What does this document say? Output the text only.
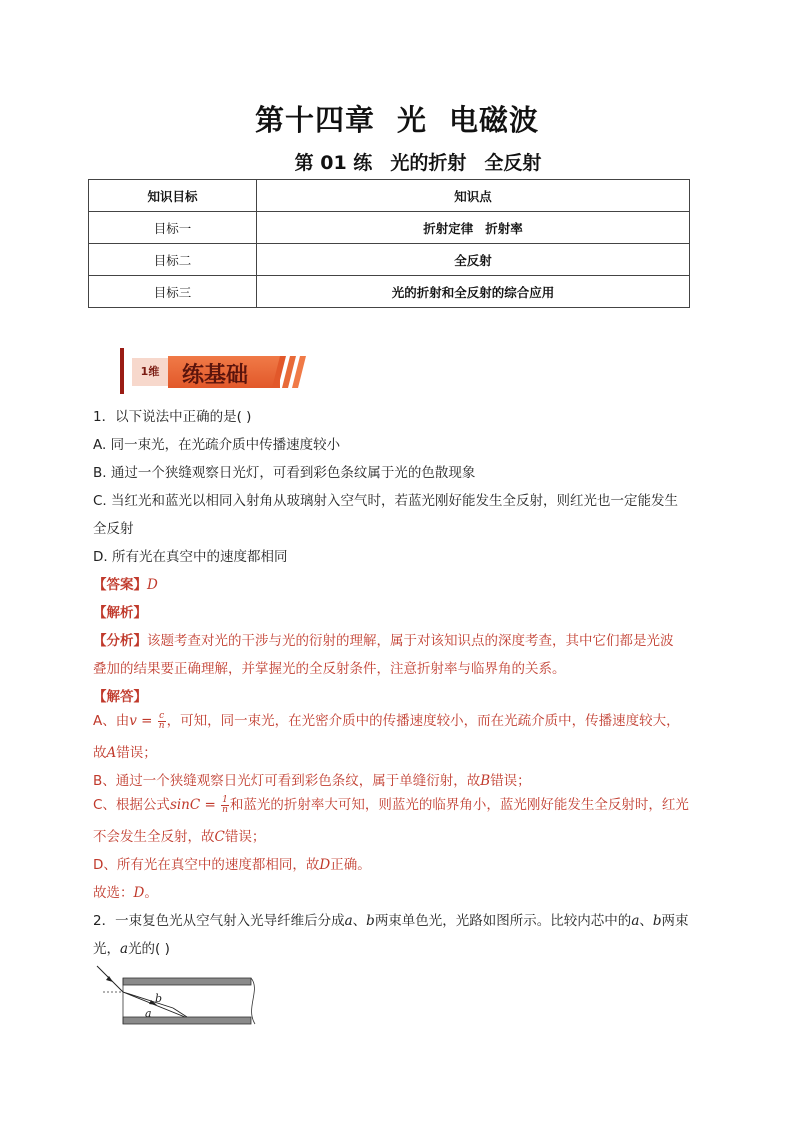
第十四章 光 电磁波
第 01 练 光的折射 全反射
知识目标	知识点
目标一	折射定律 折射率
目标二	全反射
目标三	光的折射和全反射的综合应用
1维	练基础
1．以下说法中正确的是( )
A. 同一束光，在光疏介质中传播速度较小
B. 通过一个狭缝观察日光灯，可看到彩色条纹属于光的色散现象
C. 当红光和蓝光以相同入射角从玻璃射入空气时，若蓝光刚好能发生全反射，则红光也一定能发生
全反射
D. 所有光在真空中的速度都相同
【答案】D
【解析】
【分析】该题考查对光的干涉与光的衍射的理解，属于对该知识点的深度考查，其中它们都是光波
叠加的结果要正确理解，并掌握光的全反射条件，注意折射率与临界角的关系。
【解答】
A、由$v = \frac{c}{n}$ ，可知，同一束光，在光密介质中的传播速度较小，而在光疏介质中，传播速度较大，
故A错误；
B、通过一个狭缝观察日光灯可看到彩色条纹，属于单缝衍射，故B错误；
C、根据公式$\sin C = \frac{1}{n}$ 和蓝光的折射率大可知，则蓝光的临界角小，蓝光刚好能发生全反射时，红光
不会发生全反射，故C错误；
D、所有光在真空中的速度都相同，故D正确。
故选：D。
2．一束复色光从空气射入光导纤维后分成a、b两束单色光，光路如图所示。比较内芯中的a、b两束
光，a光的( )
b
a
